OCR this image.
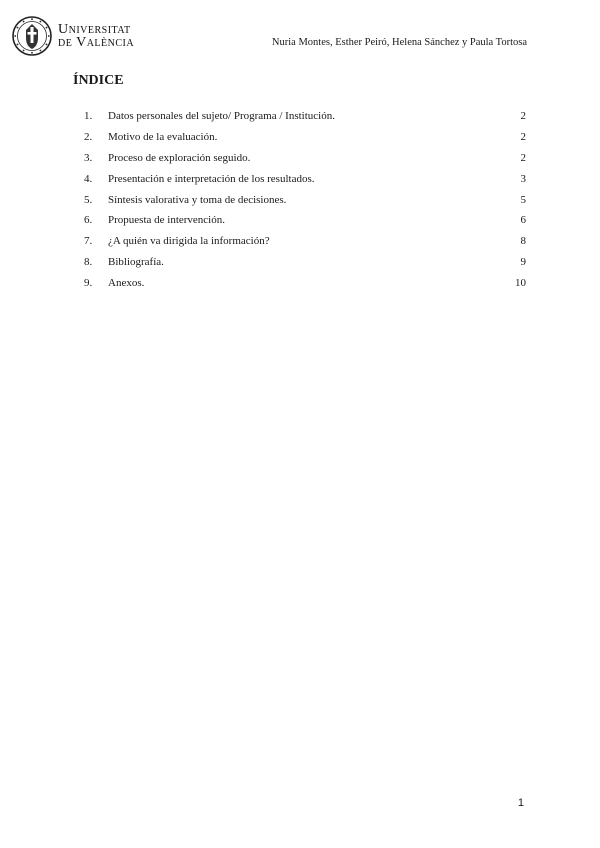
Universitat
de València	Nuria Montes, Esther Peiró, Helena Sánchez y Paula Tortosa
ÍNDICE
1.	Datos personales del sujeto/ Programa / Institución.	2
2.	Motivo de la evaluación.	2
3.	Proceso de exploración seguido.	2
4.	Presentación e interpretación de los resultados.	3
5.	Síntesis valorativa y toma de decisiones.	5
6.	Propuesta de intervención.	6
7.	¿A quién va dirigida la información?	8
8.	Bibliografía.	9
9.	Anexos.	10
1
